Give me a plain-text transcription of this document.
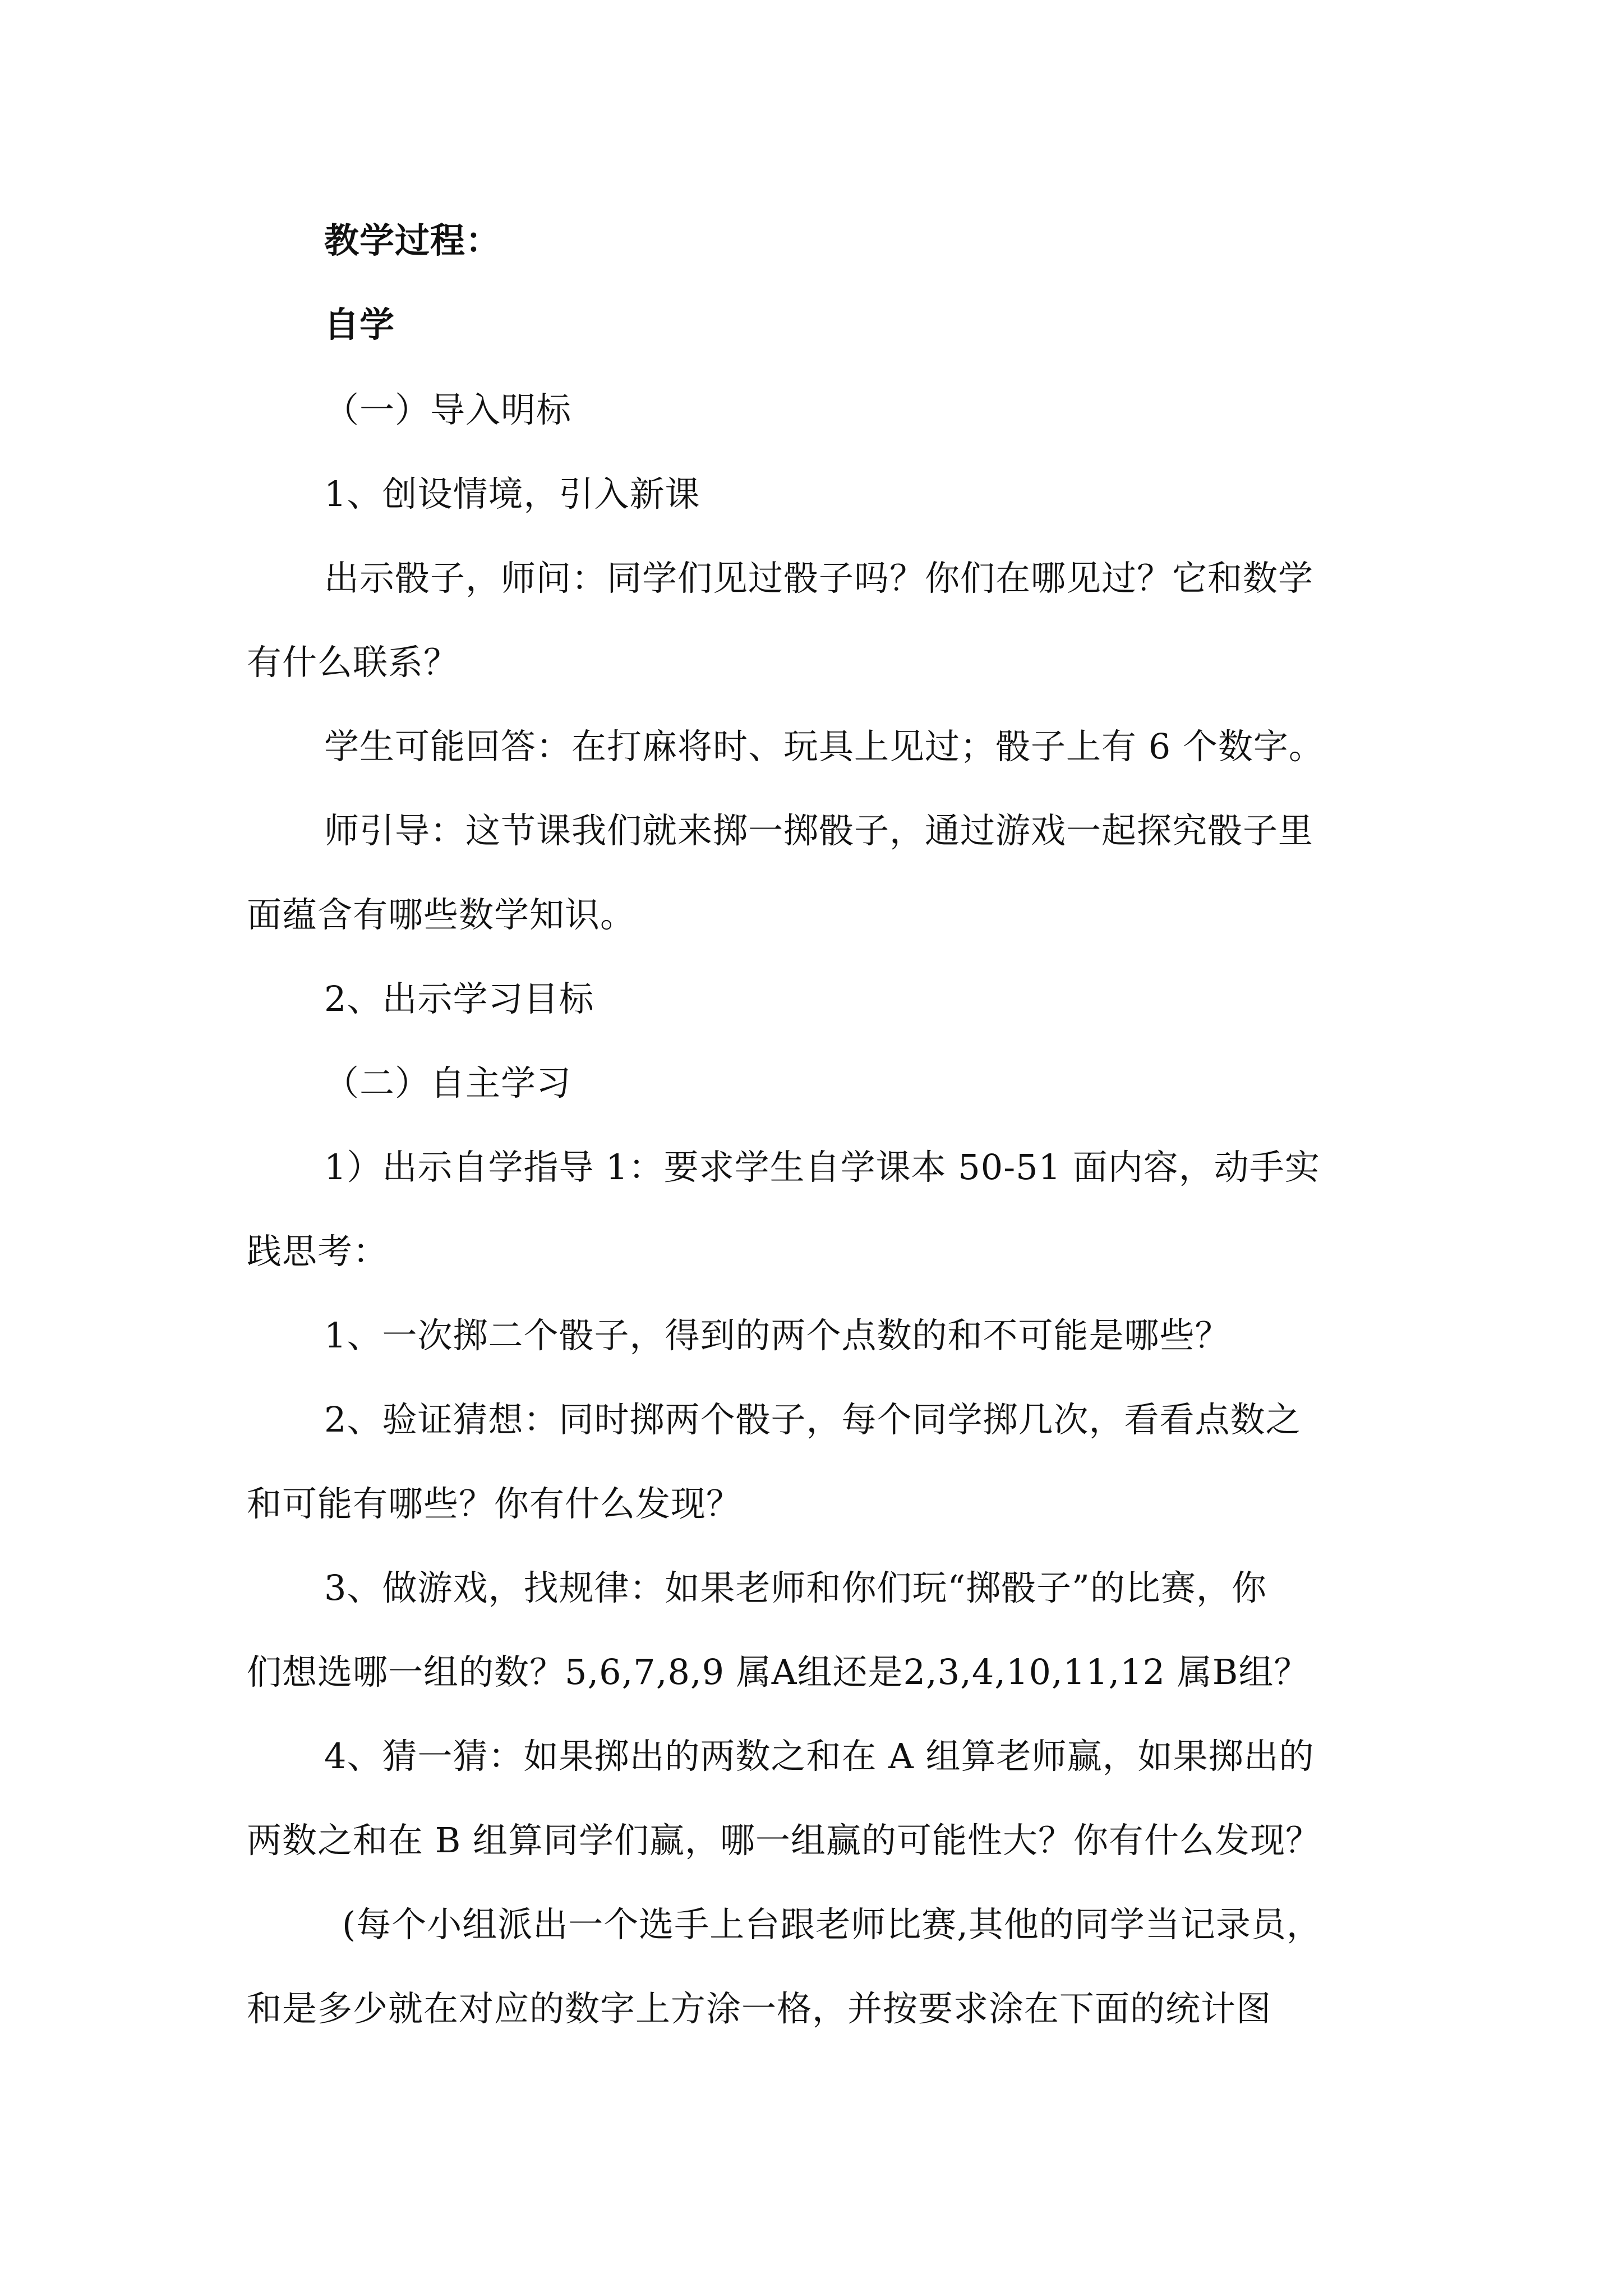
教学过程：
自学
（一）导入明标
1、创设情境，引入新课
出示骰子，师问：同学们见过骰子吗？你们在哪见过？它和数学
有什么联系？
学生可能回答：在打麻将时、玩具上见过；骰子上有 6 个数字。
师引导：这节课我们就来掷一掷骰子，通过游戏一起探究骰子里
面蕴含有哪些数学知识。
2、出示学习目标
（二）自主学习
1）出示自学指导 1：要求学生自学课本 50-51 面内容，动手实
践思考：
1、一次掷二个骰子，得到的两个点数的和不可能是哪些？
2、验证猜想：同时掷两个骰子，每个同学掷几次，看看点数之
和可能有哪些？你有什么发现？
3、做游戏，找规律：如果老师和你们玩“掷骰子”的比赛，你
们想选哪一组的数？5,6,7,8,9 属A组还是2,3,4,10,11,12 属B组？
4、猜一猜：如果掷出的两数之和在 A 组算老师赢，如果掷出的
两数之和在 B 组算同学们赢，哪一组赢的可能性大？你有什么发现？
(每个小组派出一个选手上台跟老师比赛,其他的同学当记录员，
和是多少就在对应的数字上方涂一格，并按要求涂在下面的统计图
